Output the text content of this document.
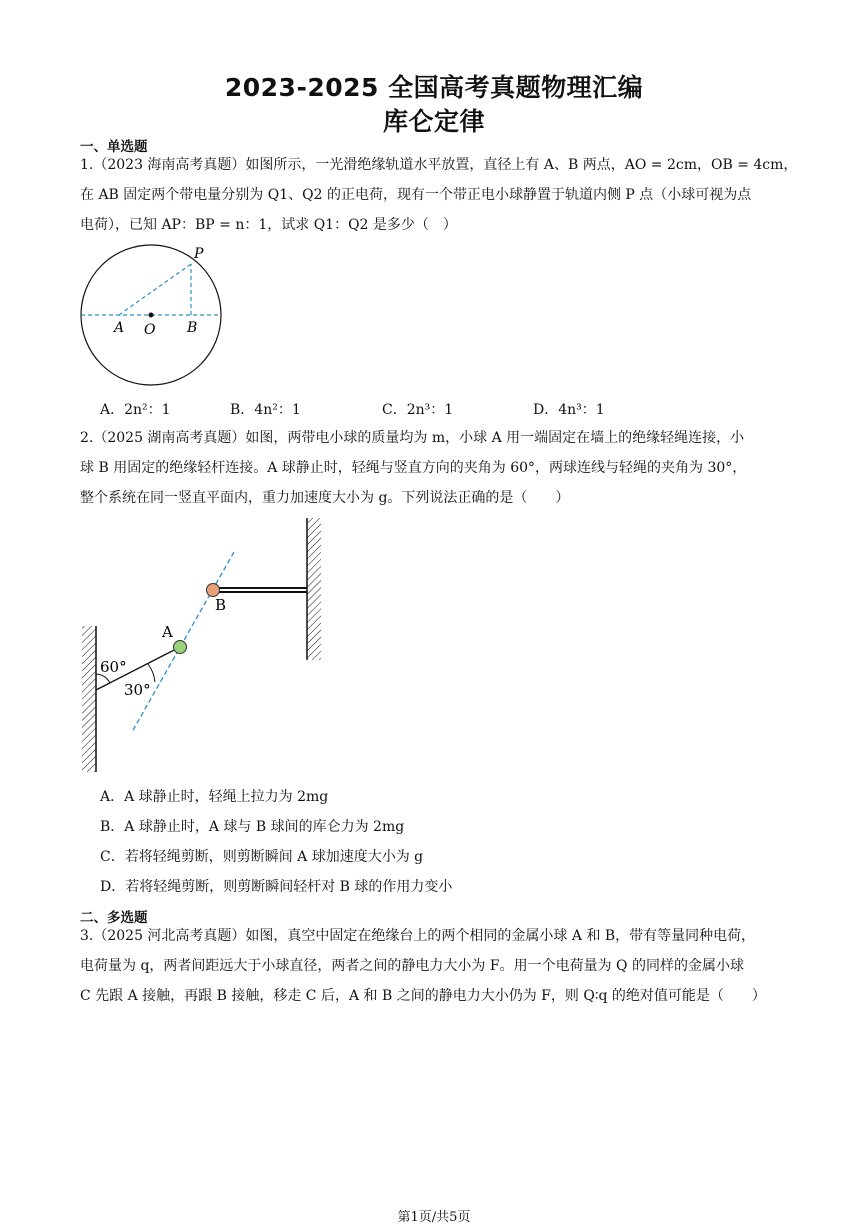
2023-2025 全国高考真题物理汇编
库仑定律
一、单选题
1.（2023 海南高考真题）如图所示，一光滑绝缘轨道水平放置，直径上有 A、B 两点，AO = 2cm，OB = 4cm，
在 AB 固定两个带电量分别为 Q1、Q2 的正电荷，现有一个带正电小球静置于轨道内侧 P 点（小球可视为点
电荷），已知 AP：BP = n：1，试求 Q1：Q2 是多少（　）
P
A O B
A．2n²：1	B．4n²：1	C．2n³：1	D．4n³：1
2.（2025 湖南高考真题）如图，两带电小球的质量均为 m，小球 A 用一端固定在墙上的绝缘轻绳连接，小
球 B 用固定的绝缘轻杆连接。A 球静止时，轻绳与竖直方向的夹角为 60°，两球连线与轻绳的夹角为 30°，
整个系统在同一竖直平面内，重力加速度大小为 g。下列说法正确的是（　　）
A
B
60°
30°
A．A 球静止时，轻绳上拉力为 2mg
B．A 球静止时，A 球与 B 球间的库仑力为 2mg
C．若将轻绳剪断，则剪断瞬间 A 球加速度大小为 g
D．若将轻绳剪断，则剪断瞬间轻杆对 B 球的作用力变小
二、多选题
3.（2025 河北高考真题）如图，真空中固定在绝缘台上的两个相同的金属小球 A 和 B，带有等量同种电荷，
电荷量为 q，两者间距远大于小球直径，两者之间的静电力大小为 F。用一个电荷量为 Q 的同样的金属小球
C 先跟 A 接触，再跟 B 接触，移走 C 后，A 和 B 之间的静电力大小仍为 F，则 Q∶q 的绝对值可能是（　　）
第1页/共5页
